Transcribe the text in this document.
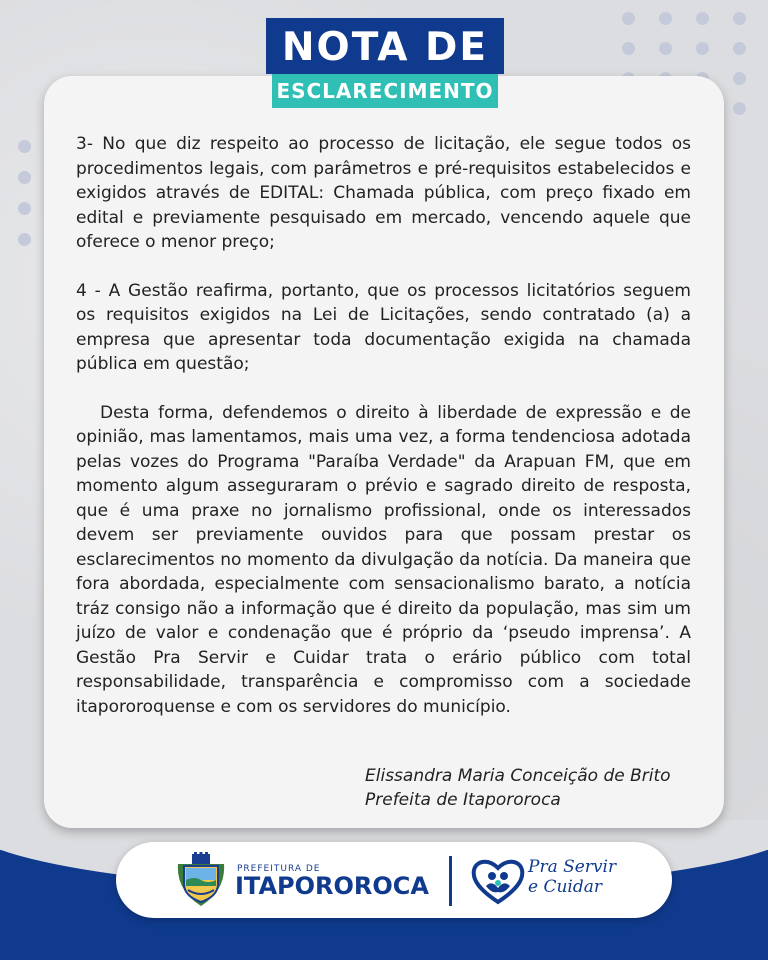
NOTA DE
ESCLARECIMENTO

3- No que diz respeito ao processo de licitação, ele segue todos os procedimentos legais, com parâmetros e pré-requisitos estabelecidos e exigidos através de EDITAL: Chamada pública, com preço fixado em edital e previamente pesquisado em mercado, vencendo aquele que oferece o menor preço;

4 - A Gestão reafirma, portanto, que os processos licitatórios seguem os requisitos exigidos na Lei de Licitações, sendo contratado (a) a empresa que apresentar toda documentação exigida na chamada pública em questão;

Desta forma, defendemos o direito à liberdade de expressão e de opinião, mas lamentamos, mais uma vez, a forma tendenciosa adotada pelas vozes do Programa "Paraíba Verdade" da Arapuan FM, que em momento algum asseguraram o prévio e sagrado direito de resposta, que é uma praxe no jornalismo profissional, onde os interessados devem ser previamente ouvidos para que possam prestar os esclarecimentos no momento da divulgação da notícia. Da maneira que fora abordada, especialmente com sensacionalismo barato, a notícia tráz consigo não a informação que é direito da população, mas sim um juízo de valor e condenação que é próprio da ‘pseudo imprensa’. A Gestão Pra Servir e Cuidar trata o erário público com total responsabilidade, transparência e compromisso com a sociedade itapororoquense e com os servidores do município.

Elissandra Maria Conceição de Brito
Prefeita de Itapororoca
PREFEITURA DE
ITAPOROROCA
Pra Servir
e Cuidar
